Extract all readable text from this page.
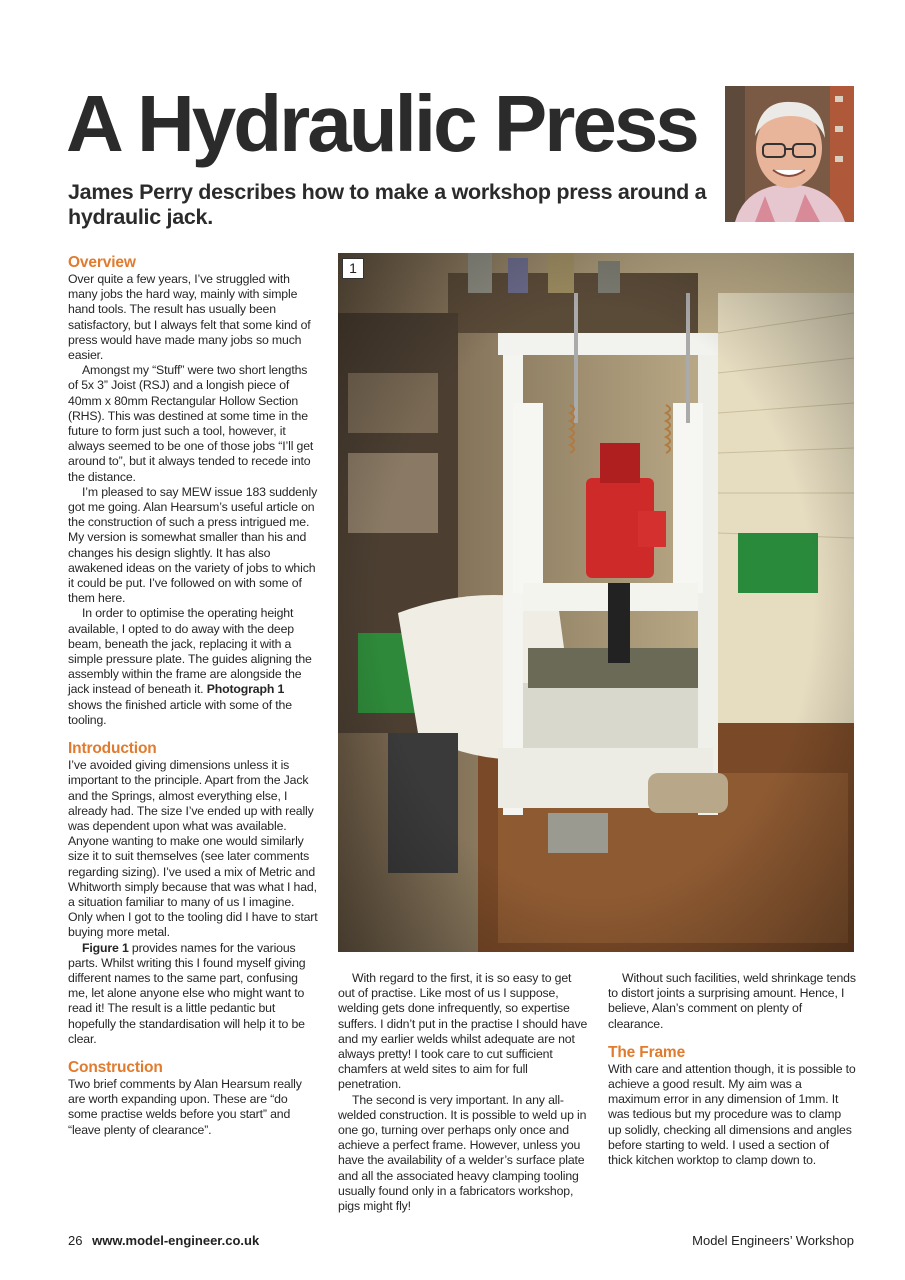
A Hydraulic Press
James Perry describes how to make a workshop press around a hydraulic jack.
1
Overview

Over quite a few years, I’ve struggled with many jobs the hard way, mainly with simple hand tools. The result has usually been satisfactory, but I always felt that some kind of press would have made many jobs so much easier.

Amongst my “Stuff” were two short lengths of 5x 3” Joist (RSJ) and a longish piece of 40mm x 80mm Rectangular Hollow Section (RHS). This was destined at some time in the future to form just such a tool, however, it always seemed to be one of those jobs “I’ll get around to”, but it always tended to recede into the distance.

I’m pleased to say MEW issue 183 suddenly got me going. Alan Hearsum’s useful article on the construction of such a press intrigued me. My version is somewhat smaller than his and changes his design slightly. It has also awakened ideas on the variety of jobs to which it could be put. I’ve followed on with some of them here.

In order to optimise the operating height available, I opted to do away with the deep beam, beneath the jack, replacing it with a simple pressure plate. The guides aligning the assembly within the frame are alongside the jack instead of beneath it. Photograph 1 shows the finished article with some of the tooling.

Introduction

I’ve avoided giving dimensions unless it is important to the principle. Apart from the Jack and the Springs, almost everything else, I already had. The size I’ve ended up with really was dependent upon what was available. Anyone wanting to make one would similarly size it to suit themselves (see later comments regarding sizing). I’ve used a mix of Metric and Whitworth simply because that was what I had, a situation familiar to many of us I imagine. Only when I got to the tooling did I have to start buying more metal.

Figure 1 provides names for the various parts. Whilst writing this I found myself giving different names to the same part, confusing me, let alone anyone else who might want to read it! The result is a little pedantic but hopefully the standardisation will help it to be clear.

Construction

Two brief comments by Alan Hearsum really are worth expanding upon. These are “do some practise welds before you start” and “leave plenty of clearance”.

With regard to the first, it is so easy to get out of practise. Like most of us I suppose, welding gets done infrequently, so expertise suffers. I didn’t put in the practise I should have and my earlier welds whilst adequate are not always pretty! I took care to cut sufficient chamfers at weld sites to aim for full penetration.

The second is very important. In any all-welded construction. It is possible to weld up in one go, turning over perhaps only once and achieve a perfect frame. However, unless you have the availability of a welder’s surface plate and all the associated heavy clamping tooling usually found only in a fabricators workshop, pigs might fly!

Without such facilities, weld shrinkage tends to distort joints a surprising amount. Hence, I believe, Alan’s comment on plenty of clearance.

The Frame

With care and attention though, it is possible to achieve a good result. My aim was a maximum error in any dimension of 1mm. It was tedious but my procedure was to clamp up solidly, checking all dimensions and angles before starting to weld. I used a section of thick kitchen worktop to clamp down to.

26 www.model-engineer.co.uk	Model Engineers’ Workshop
